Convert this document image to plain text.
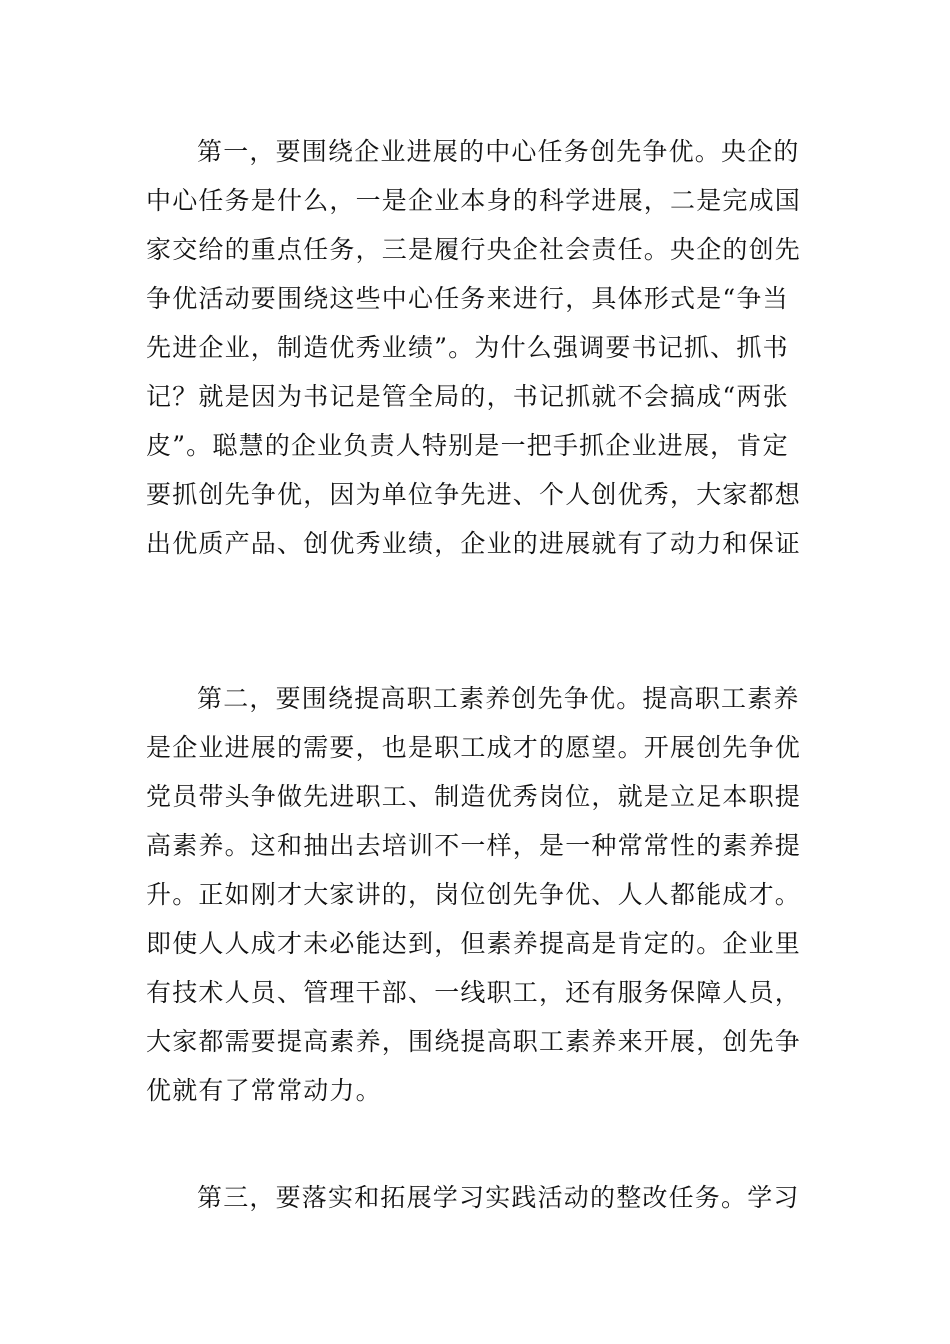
第一，要围绕企业进展的中心任务创先争优。央企的
中心任务是什么，一是企业本身的科学进展，二是完成国
家交给的重点任务，三是履行央企社会责任。央企的创先
争优活动要围绕这些中心任务来进行，具体形式是“争当
先进企业，制造优秀业绩”。为什么强调要书记抓、抓书
记？就是因为书记是管全局的，书记抓就不会搞成“两张
皮”。聪慧的企业负责人特别是一把手抓企业进展，肯定
要抓创先争优，因为单位争先进、个人创优秀，大家都想
出优质产品、创优秀业绩，企业的进展就有了动力和保证
第二，要围绕提高职工素养创先争优。提高职工素养
是企业进展的需要，也是职工成才的愿望。开展创先争优
党员带头争做先进职工、制造优秀岗位，就是立足本职提
高素养。这和抽出去培训不一样，是一种常常性的素养提
升。正如刚才大家讲的，岗位创先争优、人人都能成才。
即使人人成才未必能达到，但素养提高是肯定的。企业里
有技术人员、管理干部、一线职工，还有服务保障人员，
大家都需要提高素养，围绕提高职工素养来开展，创先争
优就有了常常动力。
第三，要落实和拓展学习实践活动的整改任务。学习
